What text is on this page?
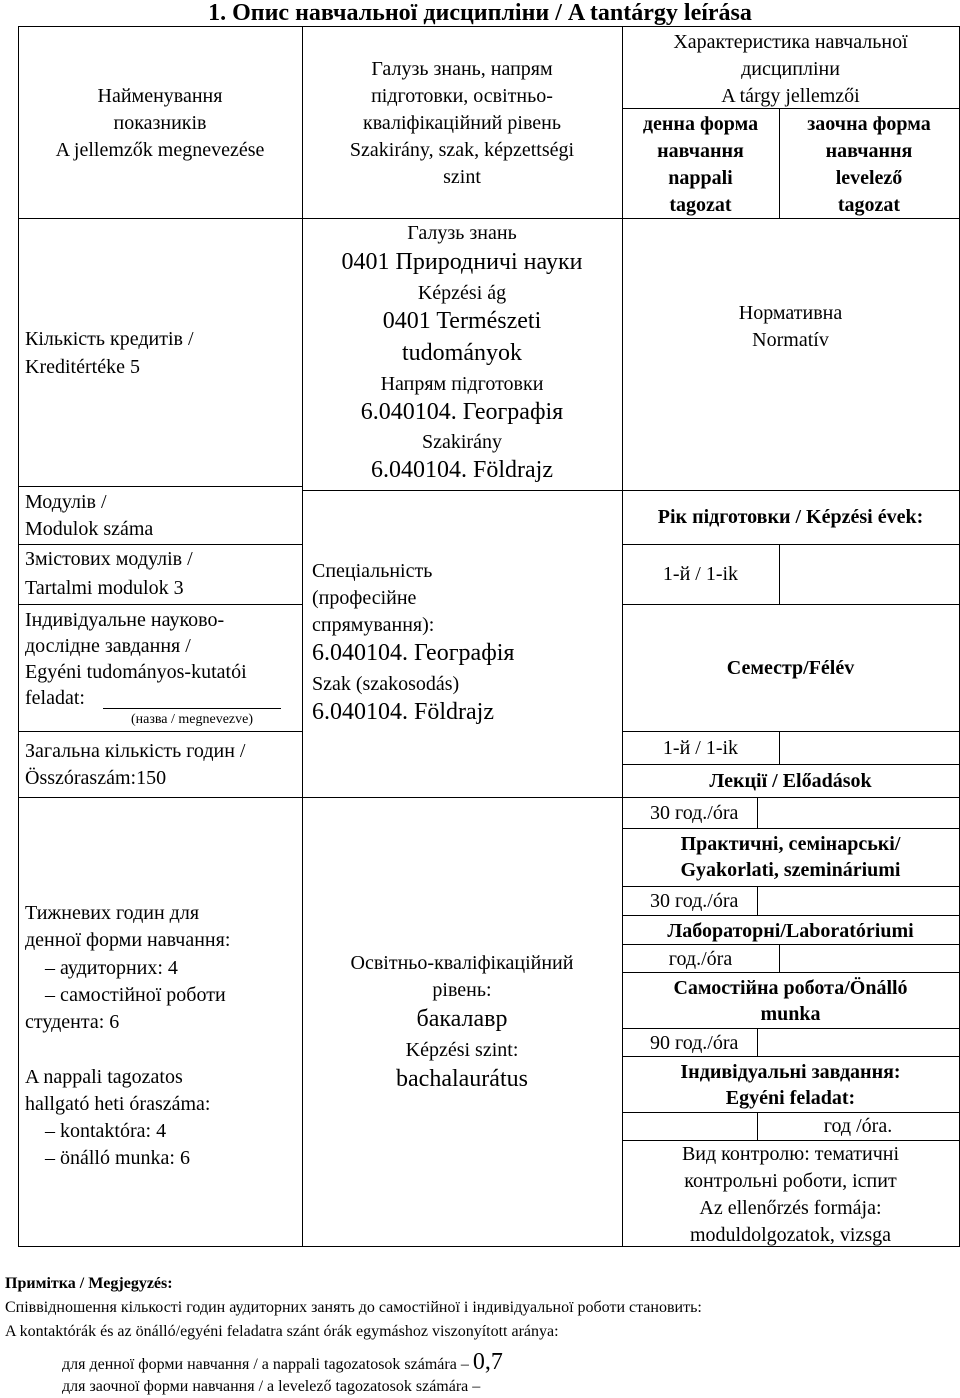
1. Опис навчальної дисципліни / A tantárgy leírása
Найменування
показників
A jellemzők megnevezése
Кількість кредитів /
Kreditértéke 5
Модулів /
Modulok száma
Змістових модулів /
Tartalmi modulok 3
Індивідуальне науково-
дослідне завдання /
Egyéni tudományos-kutatói
feladat:
(назва / megnevezve)
Загальна кількість годин /
Összóraszám:150
Тижневих годин для
денної форми навчання:
– аудиторних: 4
– самостійної роботи
студента: 6
A nappali tagozatos
hallgató heti óraszáma:
– kontaktóra: 4
– önálló munka: 6
Галузь знань, напрям
підготовки, освітньо-
кваліфікаційний рівень
Szakirány, szak, képzettségi
szint
Галузь знань
0401 Природничі науки
Képzési ág
0401 Természeti
tudományok
Напрям підготовки
6.040104. Географія
Szakirány
6.040104. Földrajz
Спеціальність
(професійне
спрямування):
6.040104. Географія
Szak (szakosodás)
6.040104. Földrajz
Освітньо-кваліфікаційний
рівень:
бакалавр
Képzési szint:
bachalaurátus
Характеристика навчальної
дисципліни
A tárgy jellemzői
денна форма
навчання
nappali
tagozat
заочна форма
навчання
levelező
tagozat
Нормативна
Normatív
Рік підготовки / Képzési évek:
1-й / 1-ik
Семестр/Félév
1-й / 1-ik
Лекції / Előadások
30 год./óra
Практичні, семінарські/
Gyakorlati, szemináriumi
30 год./óra
Лабораторні/Laboratóriumi
год./óra
Самостійна робота/Önálló
munka
90 год./óra
Індивідуальні завдання:
Egyéni feladat:
год /óra.
Вид контролю: тематичні
контрольні роботи, іспит
Az ellenőrzés formája:
moduldolgozatok, vizsga
Примітка / Megjegyzés:
Співвідношення кількості годин аудиторних занять до самостійної і індивідуальної роботи становить:
A kontaktórák és az önálló/egyéni feladatra szánt órák egymáshoz viszonyított aránya:
для денної форми навчання / a nappali tagozatosok számára – 0,7
для заочної форми навчання / a levelező tagozatosok számára –
